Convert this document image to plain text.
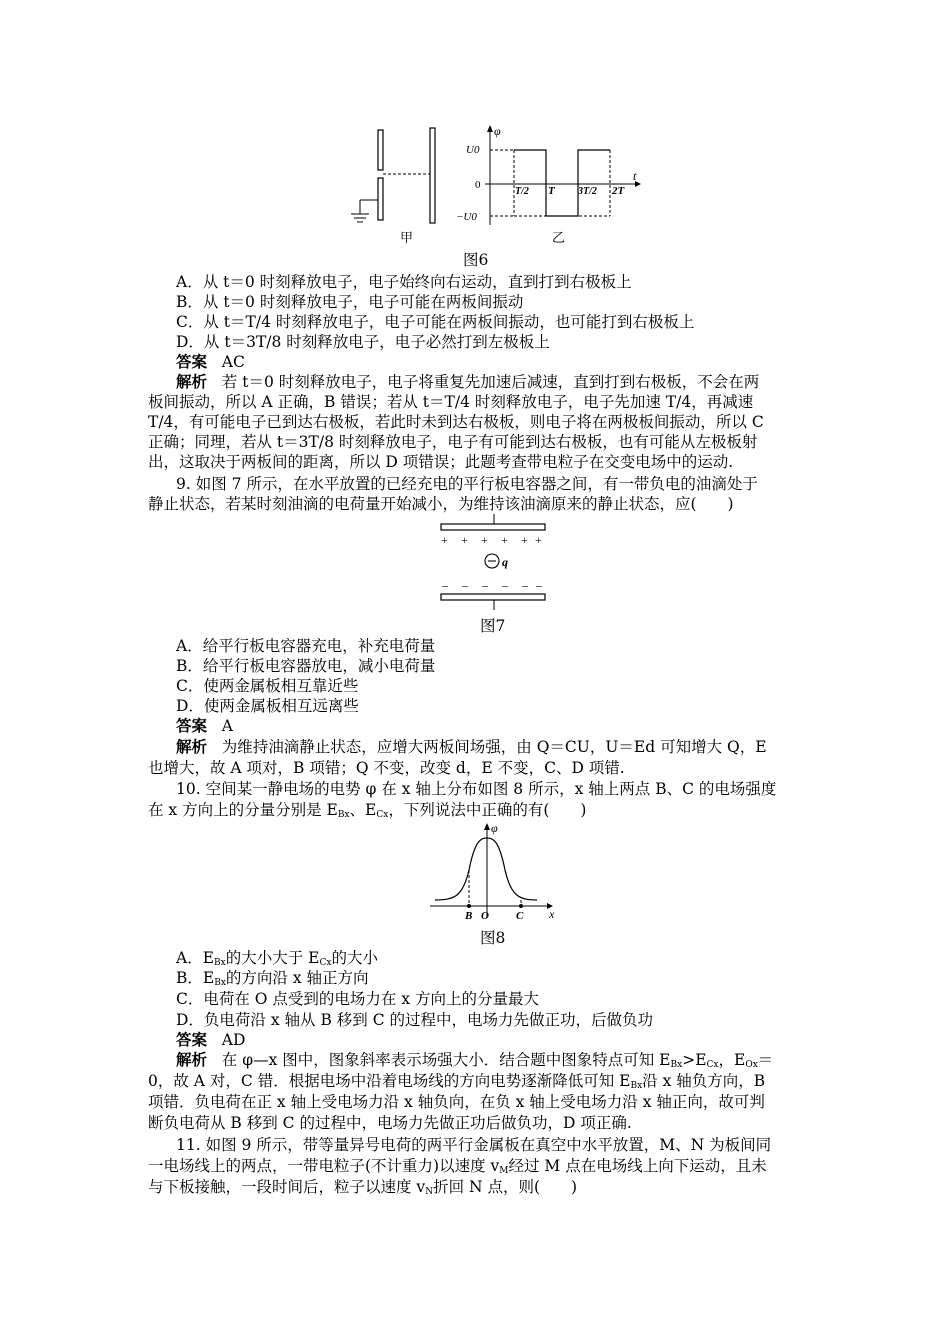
甲
φ
t
U0
0
−U0
T/2 T 3T/2 2T
乙
图6
A．从 t＝0 时刻释放电子，电子始终向右运动，直到打到右极板上
B．从 t＝0 时刻释放电子，电子可能在两板间振动
C．从 t＝T/4 时刻释放电子，电子可能在两板间振动，也可能打到右极板上
D．从 t＝3T/8 时刻释放电子，电子必然打到左极板上
答案 AC
解析 若 t＝0 时刻释放电子，电子将重复先加速后减速，直到打到右极板，不会在两
板间振动，所以 A 正确，B 错误；若从 t＝T/4 时刻释放电子，电子先加速 T/4，再减速
T/4，有可能电子已到达右极板，若此时未到达右极板，则电子将在两极板间振动，所以 C
正确；同理，若从 t＝3T/8 时刻释放电子，电子有可能到达右极板，也有可能从左极板射
出，这取决于两板间的距离，所以 D 项错误；此题考查带电粒子在交变电场中的运动.
9. 如图 7 所示，在水平放置的已经充电的平行板电容器之间，有一带负电的油滴处于
静止状态，若某时刻油滴的电荷量开始减小，为维持该油滴原来的静止状态，应(　　)
+ + + + + +
q
– – – – – –
图7
A．给平行板电容器充电，补充电荷量
B．给平行板电容器放电，减小电荷量
C．使两金属板相互靠近些
D．使两金属板相互远离些
答案 A
解析 为维持油滴静止状态，应增大两板间场强，由 Q＝CU，U＝Ed 可知增大 Q，E
也增大，故 A 项对，B 项错；Q 不变，改变 d，E 不变，C、D 项错.
10. 空间某一静电场的电势 φ 在 x 轴上分布如图 8 所示，x 轴上两点 B、C 的电场强度
在 x 方向上的分量分别是 $E_{Bx}$、$E_{Cx}$，下列说法中正确的有(　　)
φ
x
B O C
图8
A．$E_{Bx}$的大小大于 $E_{Cx}$的大小
B．$E_{Bx}$的方向沿 x 轴正方向
C．电荷在 O 点受到的电场力在 x 方向上的分量最大
D．负电荷沿 x 轴从 B 移到 C 的过程中，电场力先做正功，后做负功
答案 AD
解析 在 φ—x 图中，图象斜率表示场强大小．结合题中图象特点可知 $E_{Bx}>E_{Cx}$，$E_{Ox}=$
0，故 A 对，C 错．根据电场中沿着电场线的方向电势逐渐降低可知 $E_{Bx}$沿 x 轴负方向，B
项错．负电荷在正 x 轴上受电场力沿 x 轴负向，在负 x 轴上受电场力沿 x 轴正向，故可判
断负电荷从 B 移到 C 的过程中，电场力先做正功后做负功，D 项正确.
11. 如图 9 所示，带等量异号电荷的两平行金属板在真空中水平放置，M、N 为板间同
一电场线上的两点，一带电粒子(不计重力)以速度 $v_M$经过 M 点在电场线上向下运动，且未
与下板接触，一段时间后，粒子以速度 $v_N$折回 N 点，则(　　)
